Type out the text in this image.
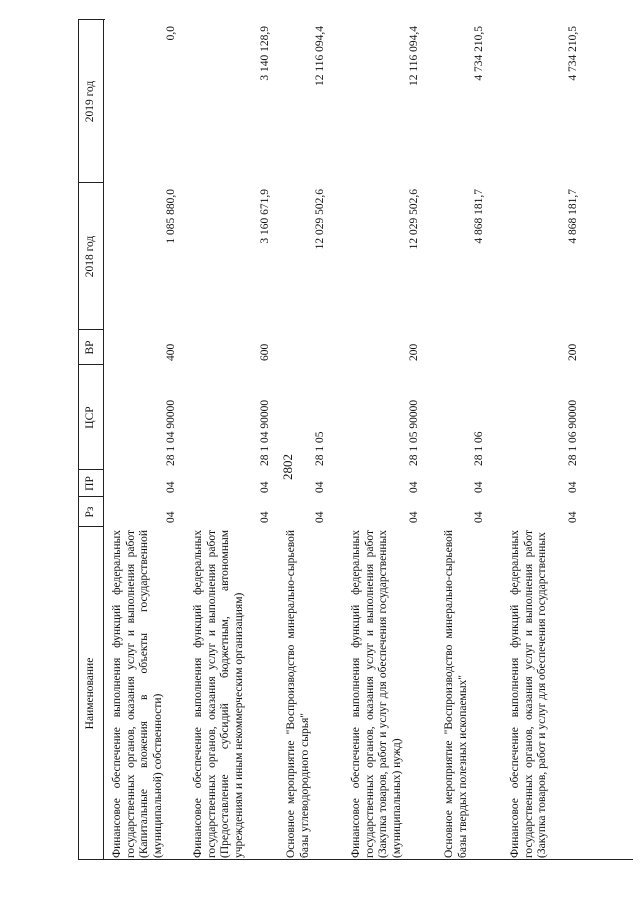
2802
Наименование
Рз
ПР
ЦСР
ВР
2018 год
2019 год
Финансовое обеспечение выполнения функций федеральных государственных органов, оказания услуг и выполнения работ (Капитальные вложения в объекты государственной (муниципальной) собственности)
04
04
28 1 04 90000
400
1 085 880,0
0,0
Финансовое обеспечение выполнения функций федеральных государственных органов, оказания услуг и выполнения работ (Предоставление субсидий бюджетным, автономным учреждениям и иным некоммерческим организациям)
04
04
28 1 04 90000
600
3 160 671,9
3 140 128,9
Основное мероприятие "Воспроизводство минерально-сырьевой базы углеводородного сырья"
04
04
28 1 05
12 029 502,6
12 116 094,4
Финансовое обеспечение выполнения функций федеральных государственных органов, оказания услуг и выполнения работ (Закупка товаров, работ и услуг для обеспечения государственных (муниципальных) нужд)
04
04
28 1 05 90000
200
12 029 502,6
12 116 094,4
Основное мероприятие "Воспроизводство минерально-сырьевой базы твердых полезных ископаемых"
04
04
28 1 06
4 868 181,7
4 734 210,5
Финансовое обеспечение выполнения функций федеральных государственных органов, оказания услуг и выполнения работ (Закупка товаров, работ и услуг для обеспечения государственных
04
04
28 1 06 90000
200
4 868 181,7
4 734 210,5
